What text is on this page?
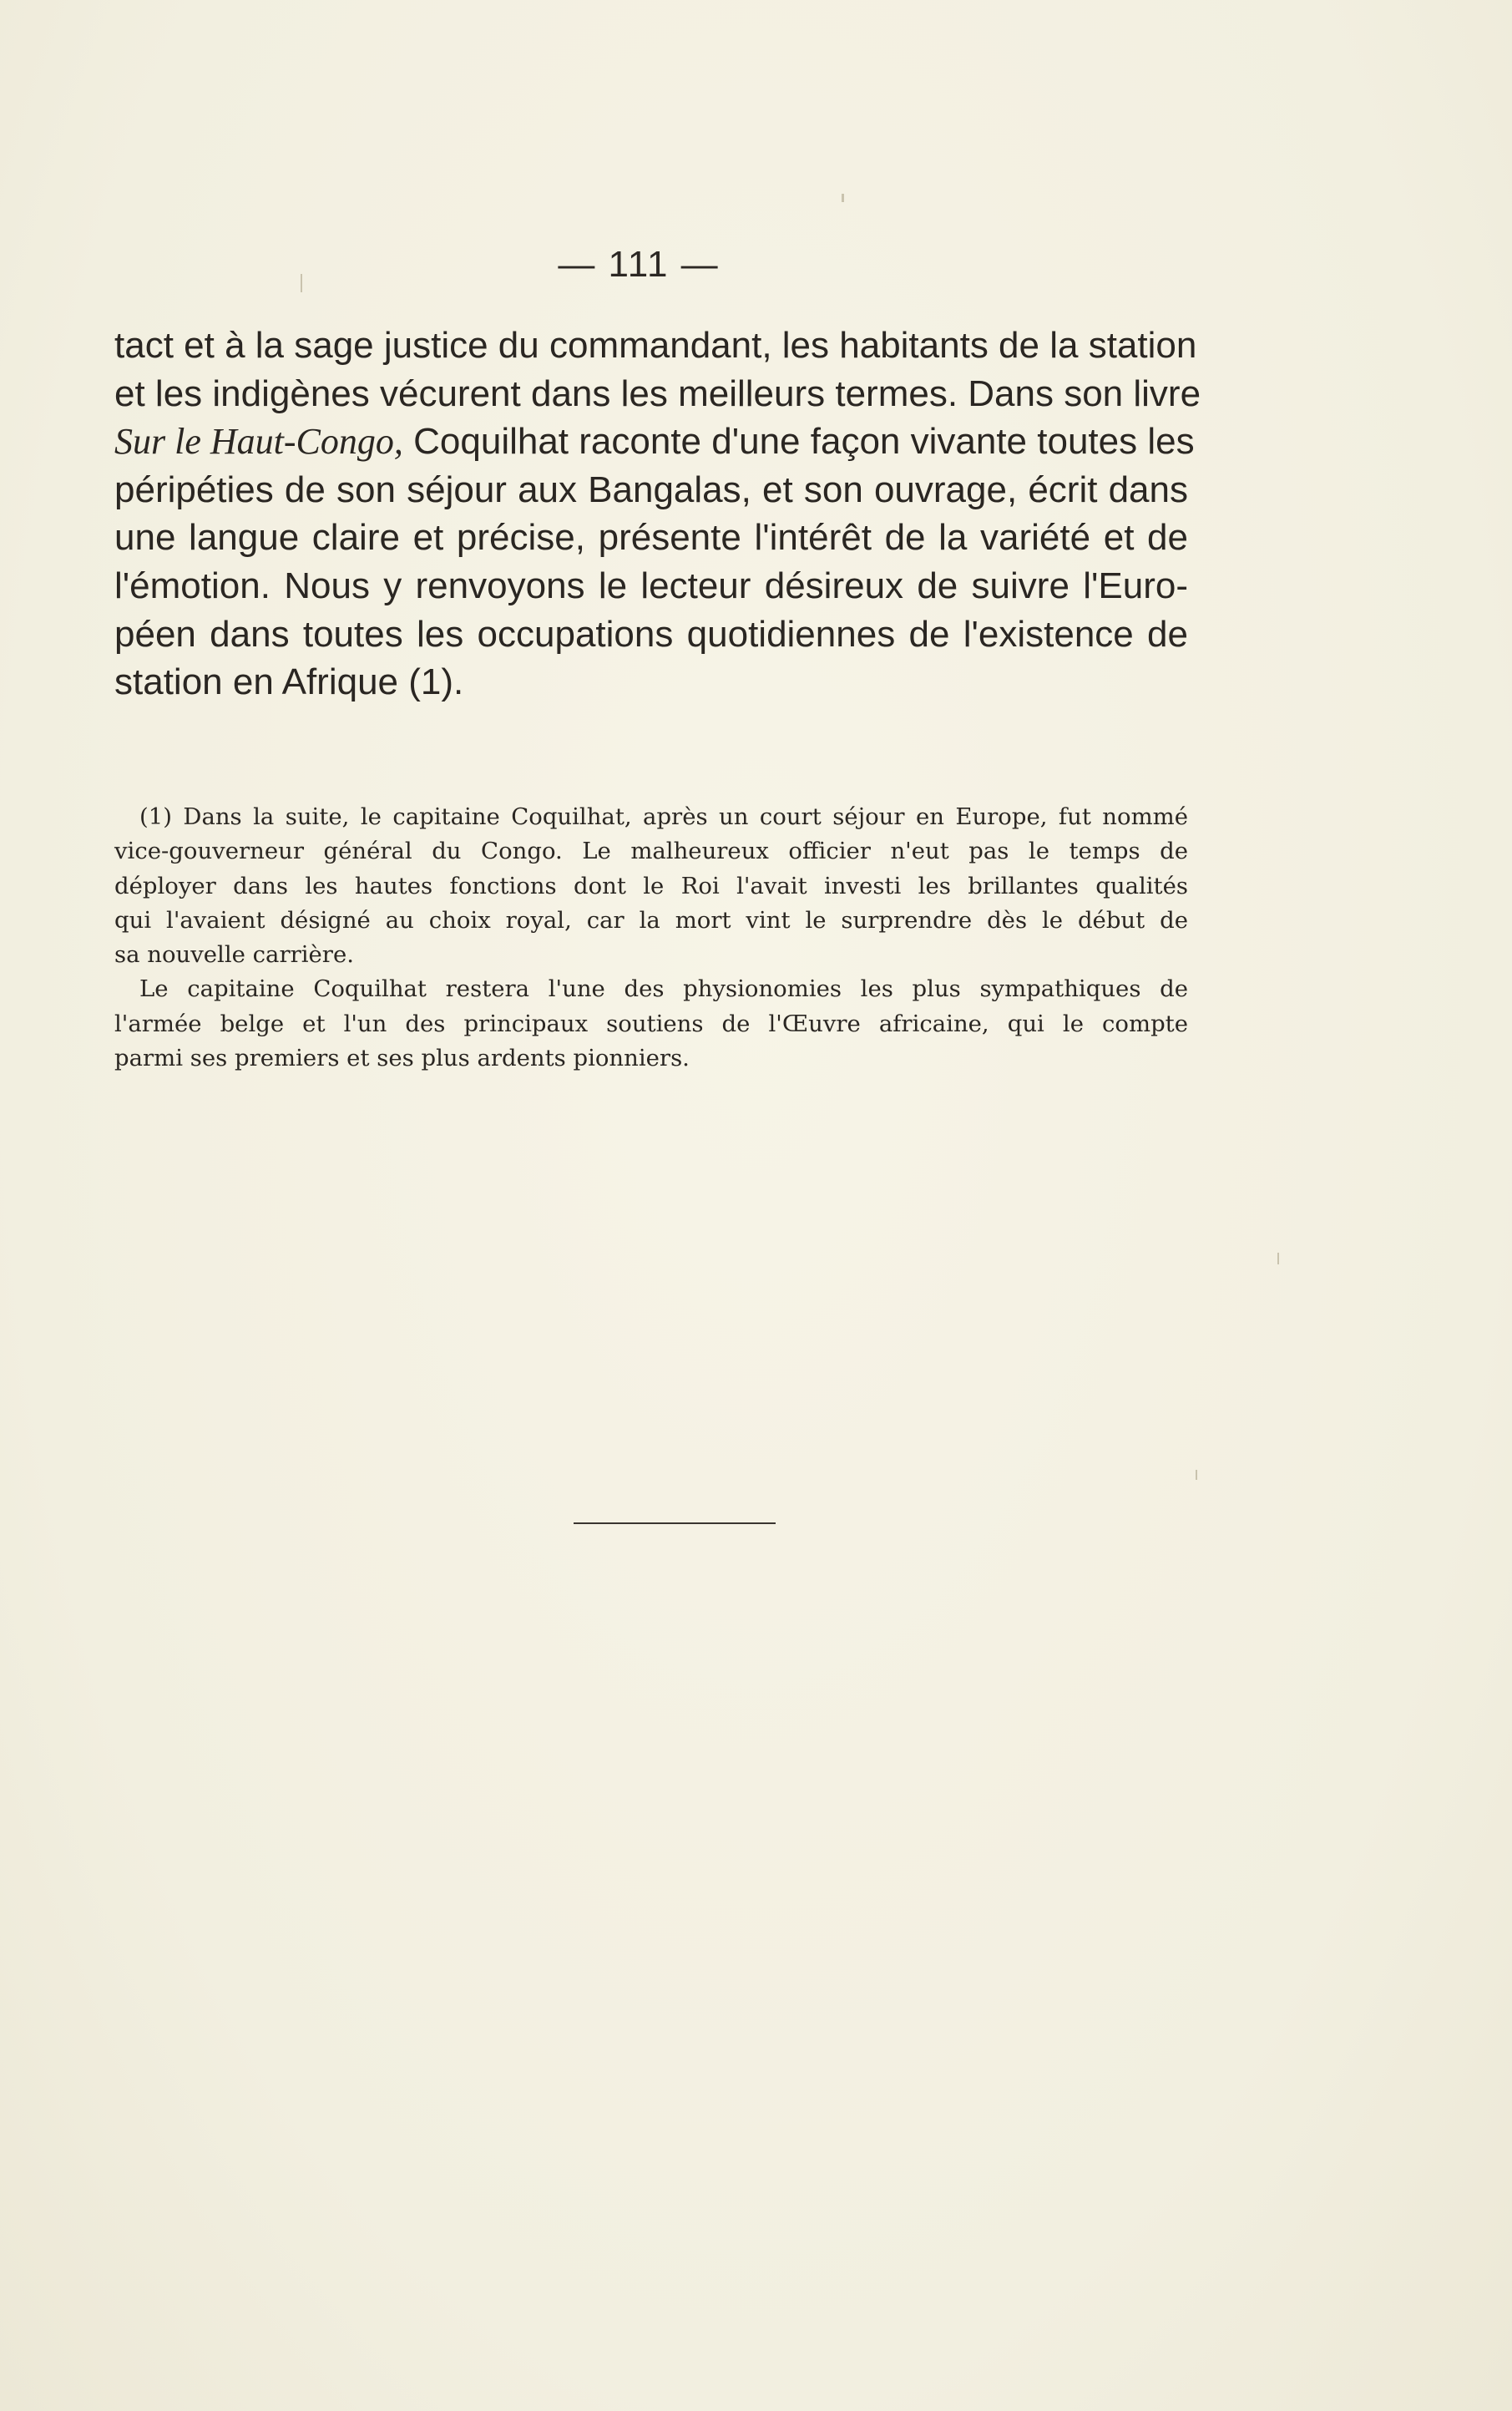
— 111 —
tact et à la sage justice du commandant, les habitants de la station
et les indigènes vécurent dans les meilleurs termes. Dans son livre
Sur le Haut-Congo, Coquilhat raconte d'une façon vivante toutes les
péripéties de son séjour aux Bangalas, et son ouvrage, écrit dans
une langue claire et précise, présente l'intérêt de la variété et de
l'émotion. Nous y renvoyons le lecteur désireux de suivre l'Euro-
péen dans toutes les occupations quotidiennes de l'existence de
station en Afrique (1).
(1) Dans la suite, le capitaine Coquilhat, après un court séjour en Europe, fut nommé
vice-gouverneur général du Congo. Le malheureux officier n'eut pas le temps de
déployer dans les hautes fonctions dont le Roi l'avait investi les brillantes qualités
qui l'avaient désigné au choix royal, car la mort vint le surprendre dès le début de
sa nouvelle carrière.
Le capitaine Coquilhat restera l'une des physionomies les plus sympathiques de
l'armée belge et l'un des principaux soutiens de l'Œuvre africaine, qui le compte
parmi ses premiers et ses plus ardents pionniers.
